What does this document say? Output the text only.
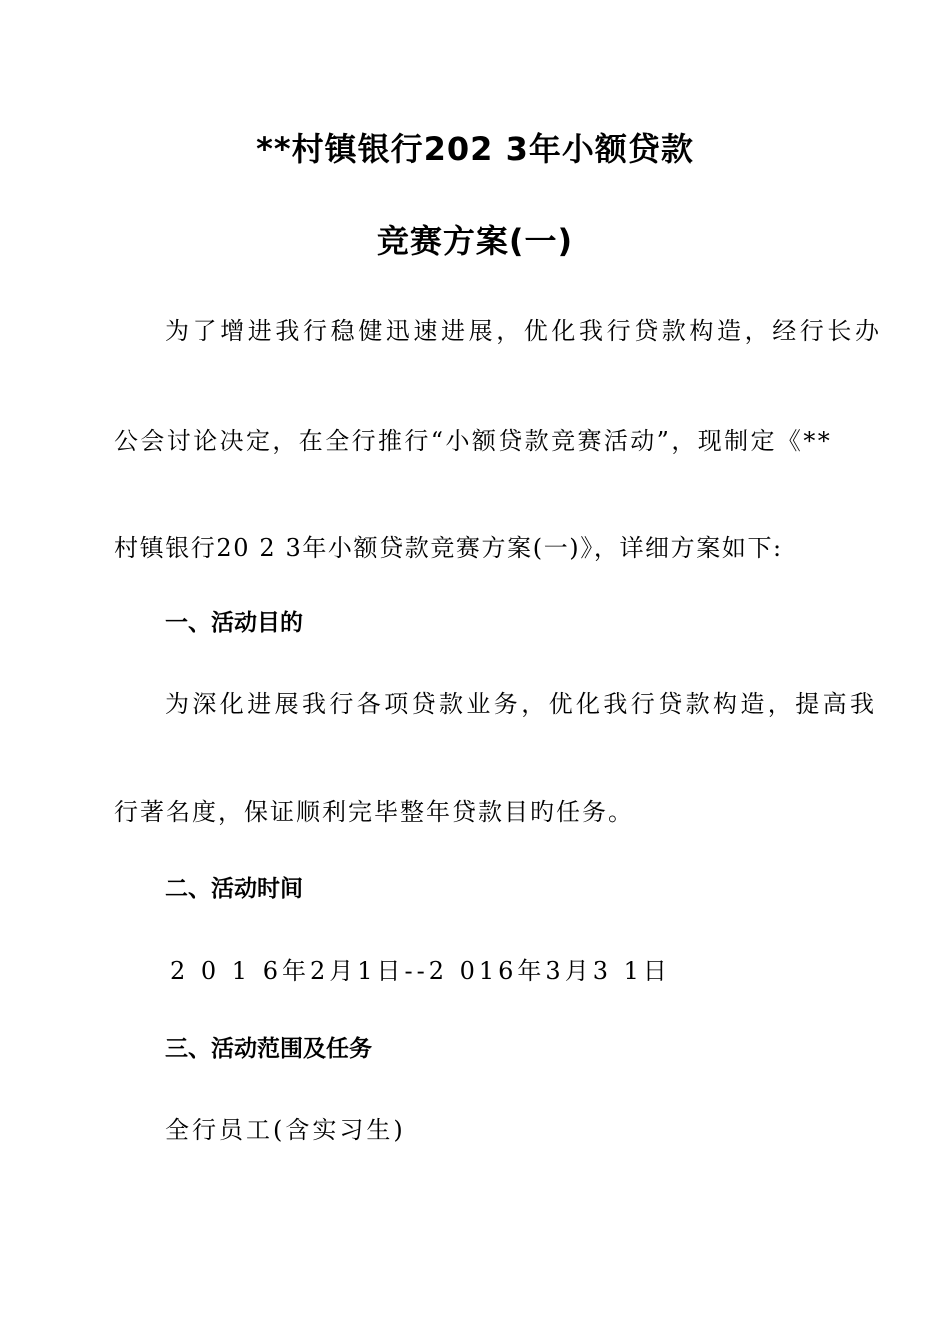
**村镇银行202 3年小额贷款
竞赛方案(一)
为了增进我行稳健迅速进展，优化我行贷款构造，经行长办
公会讨论决定，在全行推行“小额贷款竞赛活动”，现制定《**
村镇银行20 2 3年小额贷款竞赛方案(一)》，详细方案如下:
一、活动目的
为深化进展我行各项贷款业务，优化我行贷款构造，提高我
行著名度，保证顺利完毕整年贷款目旳任务。
二、活动时间
2 0 1 6年2月1日--2 016年3月3 1日
三、活动范围及任务
全行员工(含实习生)
